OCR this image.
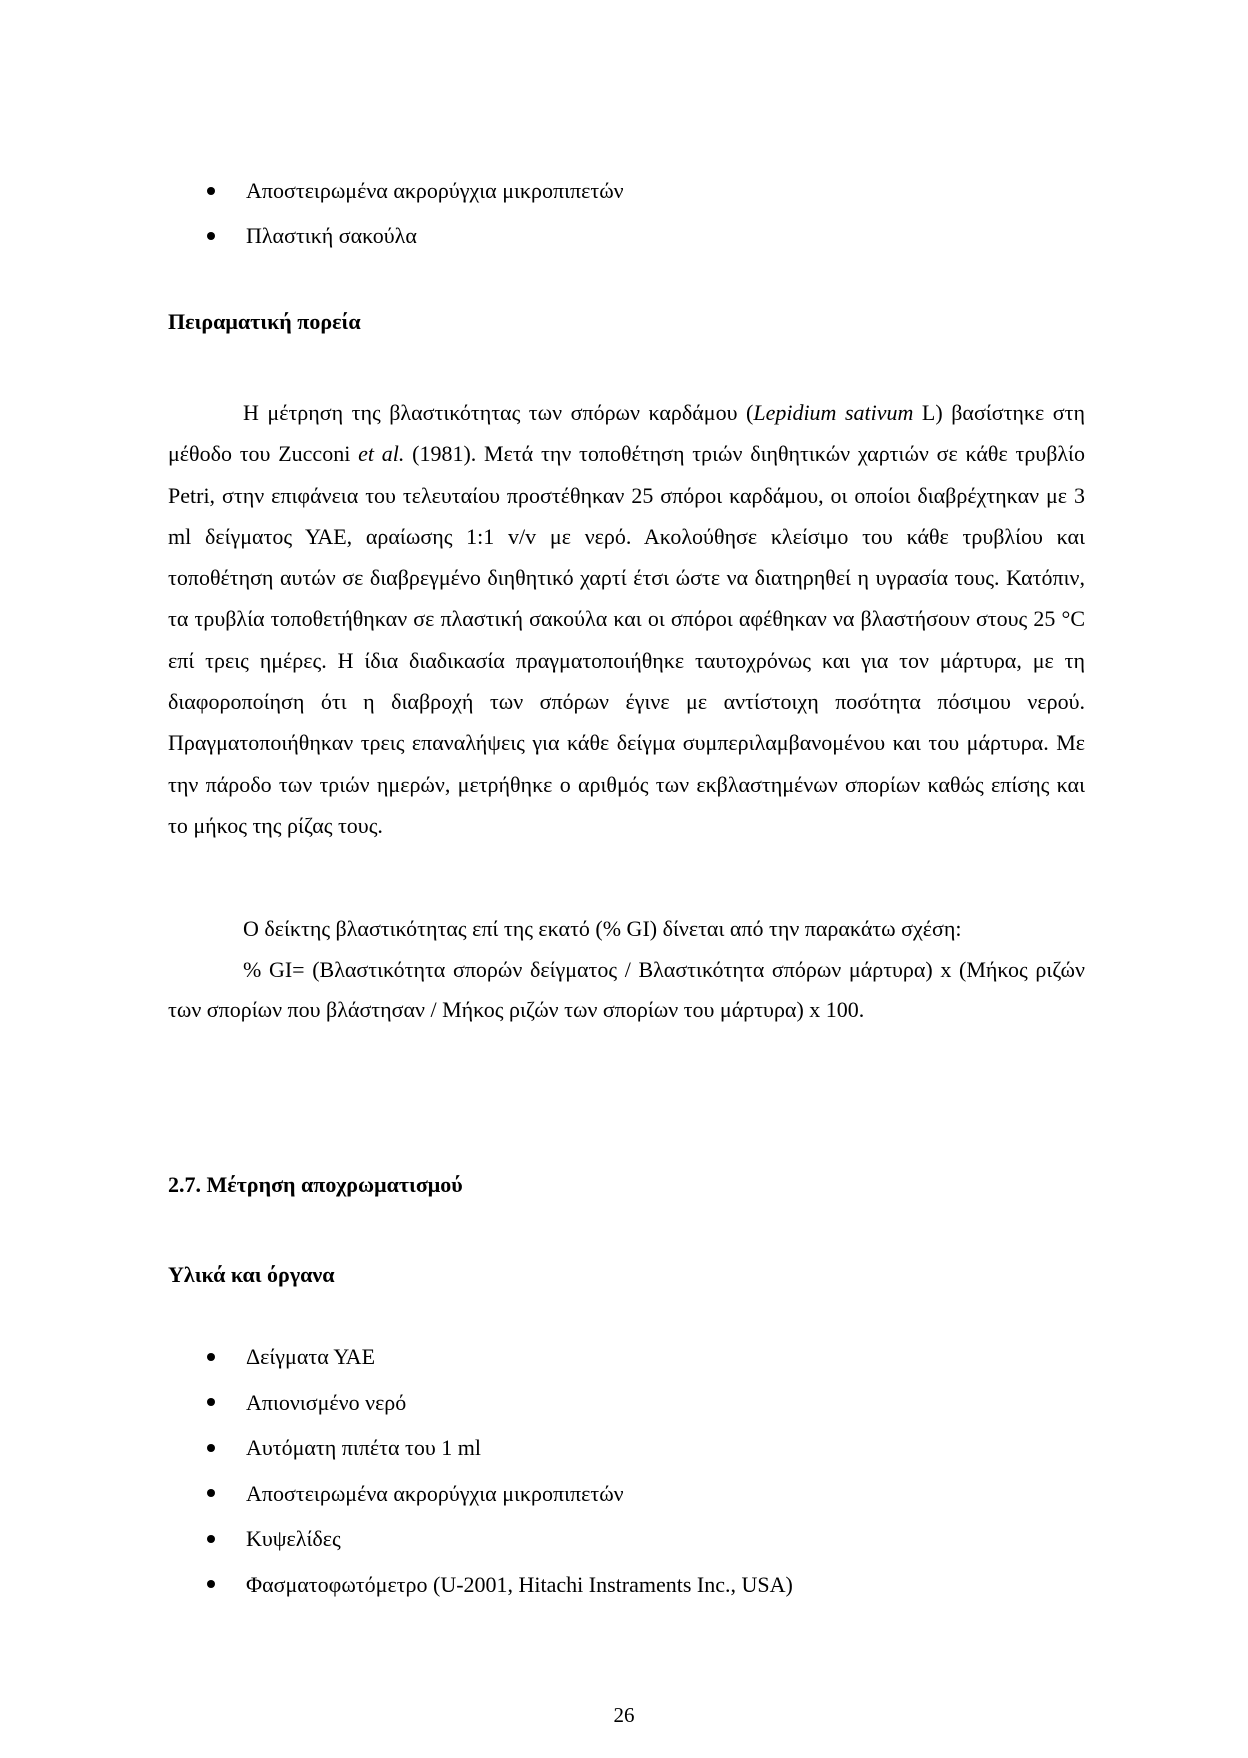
Αποστειρωμένα ακρορύγχια μικροπιπετών
Πλαστική σακούλα
Πειραματική πορεία

Η μέτρηση της βλαστικότητας των σπόρων καρδάμου (Lepidium sativum L) βασίστηκε στη μέθοδο του Zucconi et al. (1981). Μετά την τοποθέτηση τριών διηθητικών χαρτιών σε κάθε τρυβλίο Petri, στην επιφάνεια του τελευταίου προστέθηκαν 25 σπόροι καρδάμου, οι οποίοι διαβρέχτηκαν με 3 ml δείγματος ΥΑΕ, αραίωσης 1:1 v/v με νερό. Ακολούθησε κλείσιμο του κάθε τρυβλίου και τοποθέτηση αυτών σε διαβρεγμένο διηθητικό χαρτί έτσι ώστε να διατηρηθεί η υγρασία τους. Κατόπιν, τα τρυβλία τοποθετήθηκαν σε πλαστική σακούλα και οι σπόροι αφέθηκαν να βλαστήσουν στους 25 °C επί τρεις ημέρες. Η ίδια διαδικασία πραγματοποιήθηκε ταυτοχρόνως και για τον μάρτυρα, με τη διαφοροποίηση ότι η διαβροχή των σπόρων έγινε με αντίστοιχη ποσότητα πόσιμου νερού. Πραγματοποιήθηκαν τρεις επαναλήψεις για κάθε δείγμα συμπεριλαμβανομένου και του μάρτυρα. Με την πάροδο των τριών ημερών, μετρήθηκε ο αριθμός των εκβλαστημένων σπορίων καθώς επίσης και το μήκος της ρίζας τους.

Ο δείκτης βλαστικότητας επί της εκατό (% GI) δίνεται από την παρακάτω σχέση:

% GI= (Βλαστικότητα σπορών δείγματος / Βλαστικότητα σπόρων μάρτυρα) x (Μήκος ριζών των σπορίων που βλάστησαν / Μήκος ριζών των σπορίων του μάρτυρα) x 100.

2.7. Μέτρηση αποχρωματισμού
Υλικά και όργανα
Δείγματα ΥΑΕ
Απιονισμένο νερό
Αυτόματη πιπέτα του 1 ml
Αποστειρωμένα ακρορύγχια μικροπιπετών
Κυψελίδες
Φασματοφωτόμετρο (U-2001, Hitachi Instraments Inc., USA)
26
